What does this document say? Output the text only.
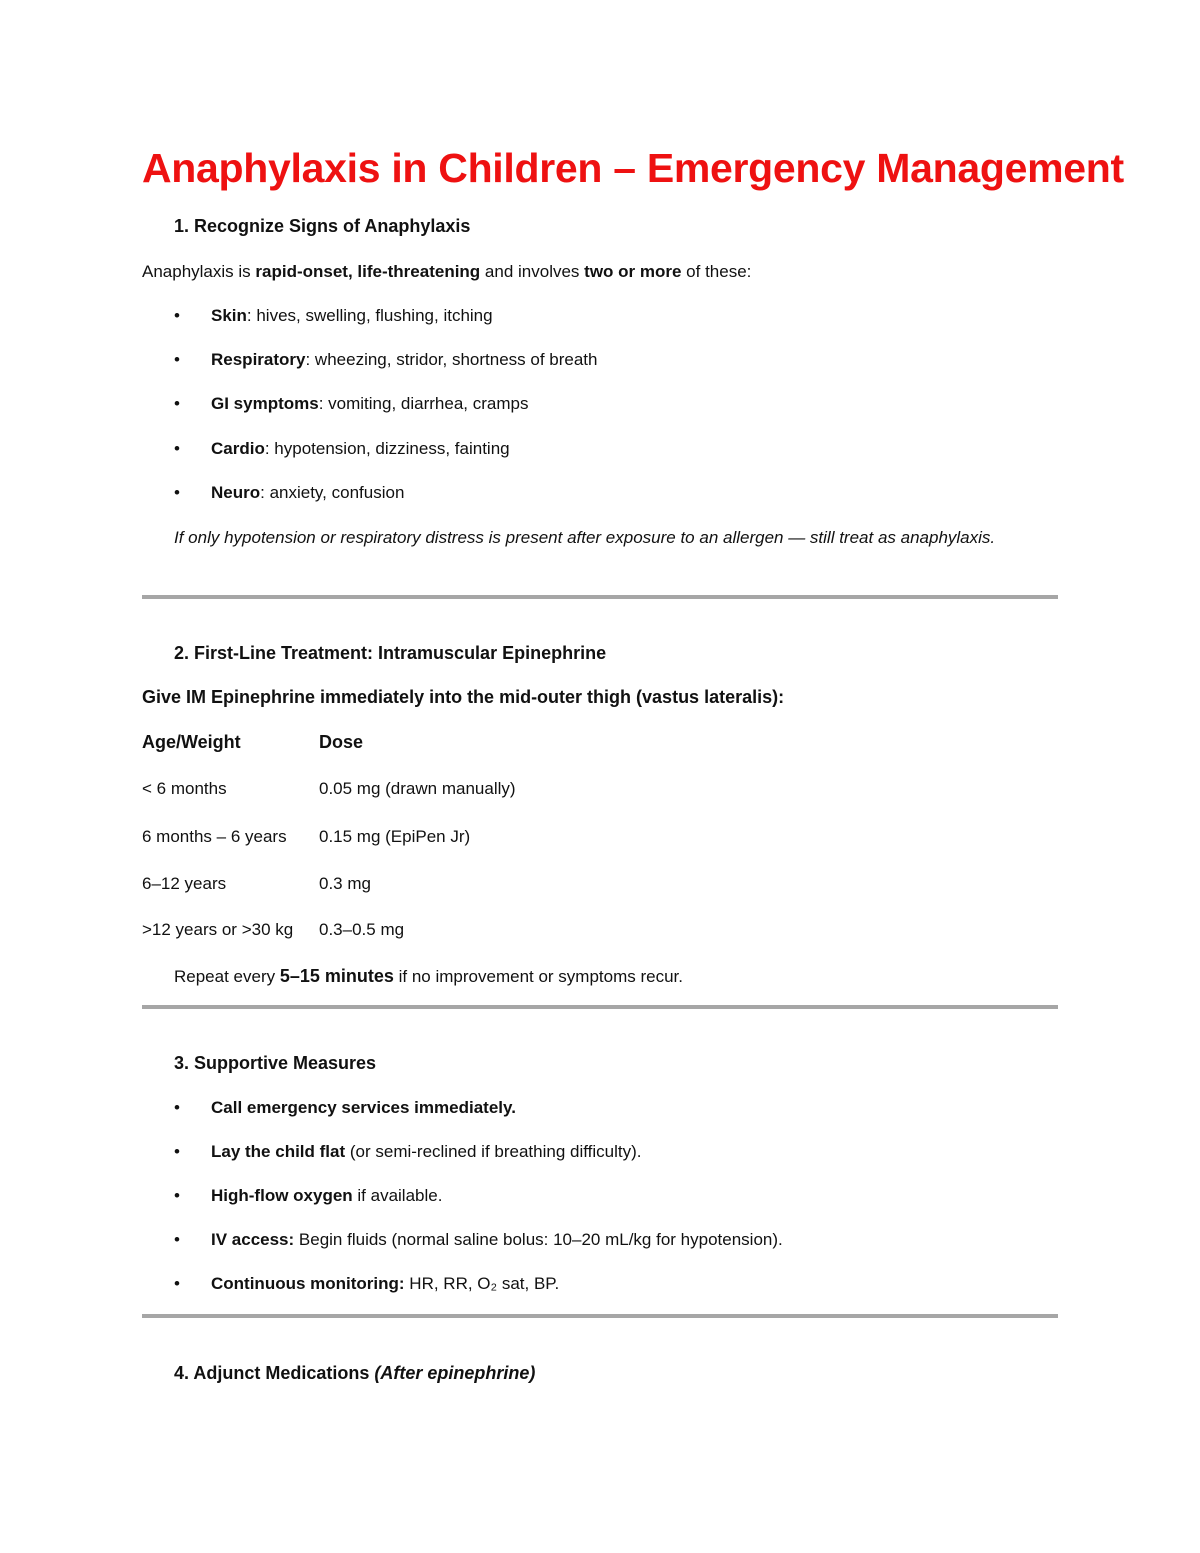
Anaphylaxis in Children – Emergency Management
1. Recognize Signs of Anaphylaxis
Anaphylaxis is rapid-onset, life-threatening and involves two or more of these:
• Skin: hives, swelling, flushing, itching
• Respiratory: wheezing, stridor, shortness of breath
• GI symptoms: vomiting, diarrhea, cramps
• Cardio: hypotension, dizziness, fainting
• Neuro: anxiety, confusion
If only hypotension or respiratory distress is present after exposure to an allergen — still treat as anaphylaxis.
2. First-Line Treatment: Intramuscular Epinephrine
Give IM Epinephrine immediately into the mid-outer thigh (vastus lateralis):
Age/Weight	Dose
< 6 months	0.05 mg (drawn manually)
6 months – 6 years 0.15 mg (EpiPen Jr)
6–12 years	0.3 mg
>12 years or >30 kg 0.3–0.5 mg
Repeat every 5–15 minutes if no improvement or symptoms recur.
3. Supportive Measures
• Call emergency services immediately.
• Lay the child flat (or semi-reclined if breathing difficulty).
• High-flow oxygen if available.
• IV access: Begin fluids (normal saline bolus: 10–20 mL/kg for hypotension).
• Continuous monitoring: HR, RR, O₂ sat, BP.
4. Adjunct Medications (After epinephrine)
